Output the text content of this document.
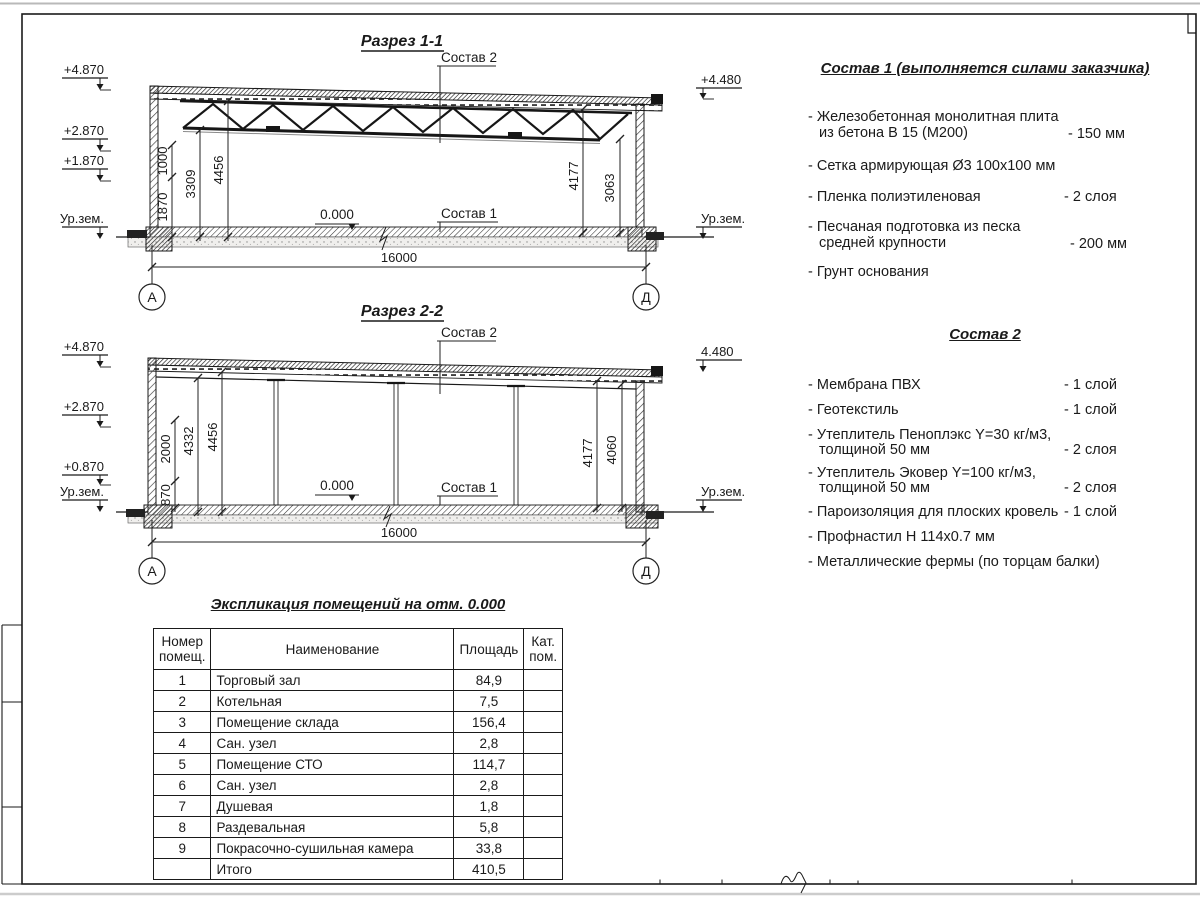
Разрез 1-1
+4.870
+2.870
+1.870
Ур.зем.
+4.480
Ур.зем.
1870
1000
3309 4456	4177 3063
Состав 2
Состав 1
0.000
16000
А	Д
Разрез 2-2
+4.870
+2.870
+0.870
Ур.зем.
4.480
Ур.зем.
870
2000 4332 4456
4177 4060
Состав 2
Состав 1
0.000
16000
А	Д
Состав 1 (выполняется силами заказчика)
- Железобетонная монолитная плита
из бетона В 15 (М200)	- 150 мм
- Сетка армирующая Ø3 100х100 мм
- Пленка полиэтиленовая	- 2 слоя
- Песчаная подготовка из песка
средней крупности	- 200 мм
- Грунт основания
Состав 2
- Мембрана ПВХ	- 1 слой
- Геотекстиль	- 1 слой
- Утеплитель Пеноплэкс Y=30 кг/м3,
толщиной 50 мм	- 2 слоя
- Утеплитель Эковер Y=100 кг/м3,
толщиной 50 мм	- 2 слоя
- Пароизоляция для плоских кровель - 1 слой
- Профнастил Н 114х0.7 мм
- Металлические фермы (по торцам балки)
Экспликация помещений на отм. 0.000
Номер
помещ.	Наименование	Площадь	Кат.
пом.

1	Торговый зал	84,9	
2	Котельная	7,5	
3	Помещение склада	156,4	
4	Сан. узел	2,8	
5	Помещение СТО	114,7	
6	Сан. узел	2,8	
7	Душевая	1,8	
8	Раздевальная	5,8	
9	Покрасочно-сушильная камера	33,8	
	Итого	410,5	
